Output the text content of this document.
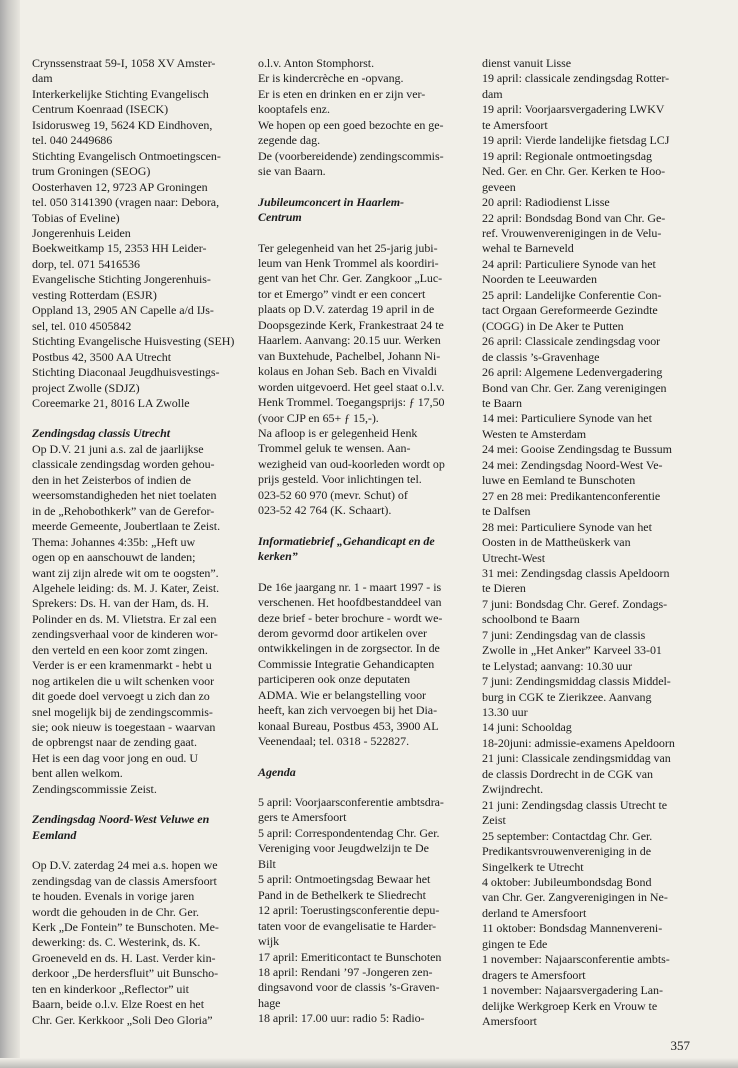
Crynssenstraat 59-I, 1058 XV Amster-
dam
Interkerkelijke Stichting Evangelisch
Centrum Koenraad (ISECK)
Isidorusweg 19, 5624 KD Eindhoven,
tel. 040 2449686
Stichting Evangelisch Ontmoetingscen-
trum Groningen (SEOG)
Oosterhaven 12, 9723 AP Groningen
tel. 050 3141390 (vragen naar: Debora,
Tobias of Eveline)
Jongerenhuis Leiden
Boekweitkamp 15, 2353 HH Leider-
dorp, tel. 071 5416536
Evangelische Stichting Jongerenhuis-
vesting Rotterdam (ESJR)
Oppland 13, 2905 AN Capelle a/d IJs-
sel, tel. 010 4505842
Stichting Evangelische Huisvesting (SEH)
Postbus 42, 3500 AA Utrecht
Stichting Diaconaal Jeugdhuisvestings-
project Zwolle (SDJZ)
Coreemarke 21, 8016 LA Zwolle

Zendingsdag classis Utrecht

Op D.V. 21 juni a.s. zal de jaarlijkse
classicale zendingsdag worden gehou-
den in het Zeisterbos of indien de
weersomstandigheden het niet toelaten
in de „Rehobothkerk” van de Gerefor-
meerde Gemeente, Joubertlaan te Zeist.
Thema: Johannes 4:35b: „Heft uw
ogen op en aanschouwt de landen;
want zij zijn alrede wit om te oogsten”.
Algehele leiding: ds. M. J. Kater, Zeist.
Sprekers: Ds. H. van der Ham, ds. H.
Polinder en ds. M. Vlietstra. Er zal een
zendingsverhaal voor de kinderen wor-
den verteld en een koor zomt zingen.
Verder is er een kramenmarkt - hebt u
nog artikelen die u wilt schenken voor
dit goede doel vervoegt u zich dan zo
snel mogelijk bij de zendingscommis-
sie; ook nieuw is toegestaan - waarvan
de opbrengst naar de zending gaat.
Het is een dag voor jong en oud. U
bent allen welkom.
Zendingscommissie Zeist.

Zendingsdag Noord-West Veluwe en
Eemland

Op D.V. zaterdag 24 mei a.s. hopen we
zendingsdag van de classis Amersfoort
te houden. Evenals in vorige jaren
wordt die gehouden in de Chr. Ger.
Kerk „De Fontein” te Bunschoten. Me-
dewerking: ds. C. Westerink, ds. K.
Groeneveld en ds. H. Last. Verder kin-
derkoor „De herdersfluit” uit Bunscho-
ten en kinderkoor „Reflector” uit
Baarn, beide o.l.v. Elze Roest en het
Chr. Ger. Kerkkoor „Soli Deo Gloria”

o.l.v. Anton Stomphorst.
Er is kindercrèche en -opvang.
Er is eten en drinken en er zijn ver-
kooptafels enz.
We hopen op een goed bezochte en ge-
zegende dag.
De (voorbereidende) zendingscommis-
sie van Baarn.

Jubileumconcert in Haarlem-
Centrum

Ter gelegenheid van het 25-jarig jubi-
leum van Henk Trommel als koordiri-
gent van het Chr. Ger. Zangkoor „Luc-
tor et Emergo” vindt er een concert
plaats op D.V. zaterdag 19 april in de
Doopsgezinde Kerk, Frankestraat 24 te
Haarlem. Aanvang: 20.15 uur. Werken
van Buxtehude, Pachelbel, Johann Ni-
kolaus en Johan Seb. Bach en Vivaldi
worden uitgevoerd. Het geel staat o.l.v.
Henk Trommel. Toegangsprijs: ƒ 17,50
(voor CJP en 65+ ƒ 15,-).
Na afloop is er gelegenheid Henk
Trommel geluk te wensen. Aan-
wezigheid van oud-koorleden wordt op
prijs gesteld. Voor inlichtingen tel.
023-52 60 970 (mevr. Schut) of
023-52 42 764 (K. Schaart).

Informatiebrief „Gehandicapt en de
kerken”

De 16e jaargang nr. 1 - maart 1997 - is
verschenen. Het hoofdbestanddeel van
deze brief - beter brochure - wordt we-
derom gevormd door artikelen over
ontwikkelingen in de zorgsector. In de
Commissie Integratie Gehandicapten
participeren ook onze deputaten
ADMA. Wie er belangstelling voor
heeft, kan zich vervoegen bij het Dia-
konaal Bureau, Postbus 453, 3900 AL
Veenendaal; tel. 0318 - 522827.

Agenda

5 april: Voorjaarsconferentie ambtsdra-
gers te Amersfoort
5 april: Correspondentendag Chr. Ger.
Vereniging voor Jeugdwelzijn te De
Bilt
5 april: Ontmoetingsdag Bewaar het
Pand in de Bethelkerk te Sliedrecht
12 april: Toerustingsconferentie depu-
taten voor de evangelisatie te Harder-
wijk
17 april: Emeriticontact te Bunschoten
18 april: Rendani ’97 -Jongeren zen-
dingsavond voor de classis ’s-Graven-
hage
18 april: 17.00 uur: radio 5: Radio-

dienst vanuit Lisse
19 april: classicale zendingsdag Rotter-
dam
19 april: Voorjaarsvergadering LWKV
te Amersfoort
19 april: Vierde landelijke fietsdag LCJ
19 april: Regionale ontmoetingsdag
Ned. Ger. en Chr. Ger. Kerken te Hoo-
geveen
20 april: Radiodienst Lisse
22 april: Bondsdag Bond van Chr. Ge-
ref. Vrouwenverenigingen in de Velu-
wehal te Barneveld
24 april: Particuliere Synode van het
Noorden te Leeuwarden
25 april: Landelijke Conferentie Con-
tact Orgaan Gereformeerde Gezindte
(COGG) in De Aker te Putten
26 april: Classicale zendingsdag voor
de classis ’s-Gravenhage
26 april: Algemene Ledenvergadering
Bond van Chr. Ger. Zang verenigingen
te Baarn
14 mei: Particuliere Synode van het
Westen te Amsterdam
24 mei: Gooise Zendingsdag te Bussum
24 mei: Zendingsdag Noord-West Ve-
luwe en Eemland te Bunschoten
27 en 28 mei: Predikantenconferentie
te Dalfsen
28 mei: Particuliere Synode van het
Oosten in de Mattheüskerk van
Utrecht-West
31 mei: Zendingsdag classis Apeldoorn
te Dieren
7 juni: Bondsdag Chr. Geref. Zondags-
schoolbond te Baarn
7 juni: Zendingsdag van de classis
Zwolle in „Het Anker” Karveel 33-01
te Lelystad; aanvang: 10.30 uur
7 juni: Zendingsmiddag classis Middel-
burg in CGK te Zierikzee. Aanvang
13.30 uur
14 juni: Schooldag
18-20juni: admissie-examens Apeldoorn
21 juni: Classicale zendingsmiddag van
de classis Dordrecht in de CGK van
Zwijndrecht.
21 juni: Zendingsdag classis Utrecht te
Zeist
25 september: Contactdag Chr. Ger.
Predikantsvrouwenvereniging in de
Singelkerk te Utrecht
4 oktober: Jubileumbondsdag Bond
van Chr. Ger. Zangverenigingen in Ne-
derland te Amersfoort
11 oktober: Bondsdag Mannenvereni-
gingen te Ede
1 november: Najaarsconferentie ambts-
dragers te Amersfoort
1 november: Najaarsvergadering Lan-
delijke Werkgroep Kerk en Vrouw te
Amersfoort

357
